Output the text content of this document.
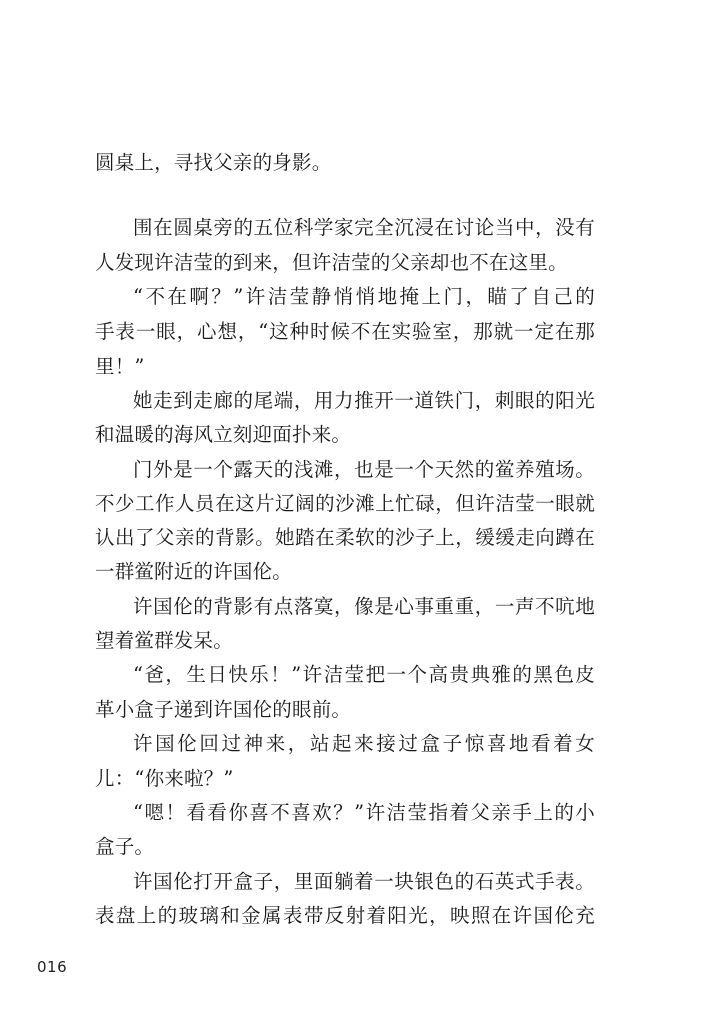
圆桌上，寻找父亲的身影。
围在圆桌旁的五位科学家完全沉浸在讨论当中，没有
人发现许洁莹的到来，但许洁莹的父亲却也不在这里。
“不在啊？”许洁莹静悄悄地掩上门，瞄了自己的
手表一眼，心想，“这种时候不在实验室，那就一定在那
里！”
她走到走廊的尾端，用力推开一道铁门，刺眼的阳光
和温暖的海风立刻迎面扑来。
门外是一个露天的浅滩，也是一个天然的鲎养殖场。
不少工作人员在这片辽阔的沙滩上忙碌，但许洁莹一眼就
认出了父亲的背影。她踏在柔软的沙子上，缓缓走向蹲在
一群鲎附近的许国伦。
许国伦的背影有点落寞，像是心事重重，一声不吭地
望着鲎群发呆。
“爸，生日快乐！”许洁莹把一个高贵典雅的黑色皮
革小盒子递到许国伦的眼前。
许国伦回过神来，站起来接过盒子惊喜地看着女
儿：“你来啦？”
“嗯！看看你喜不喜欢？”许洁莹指着父亲手上的小
盒子。
许国伦打开盒子，里面躺着一块银色的石英式手表。
表盘上的玻璃和金属表带反射着阳光，映照在许国伦充
016
